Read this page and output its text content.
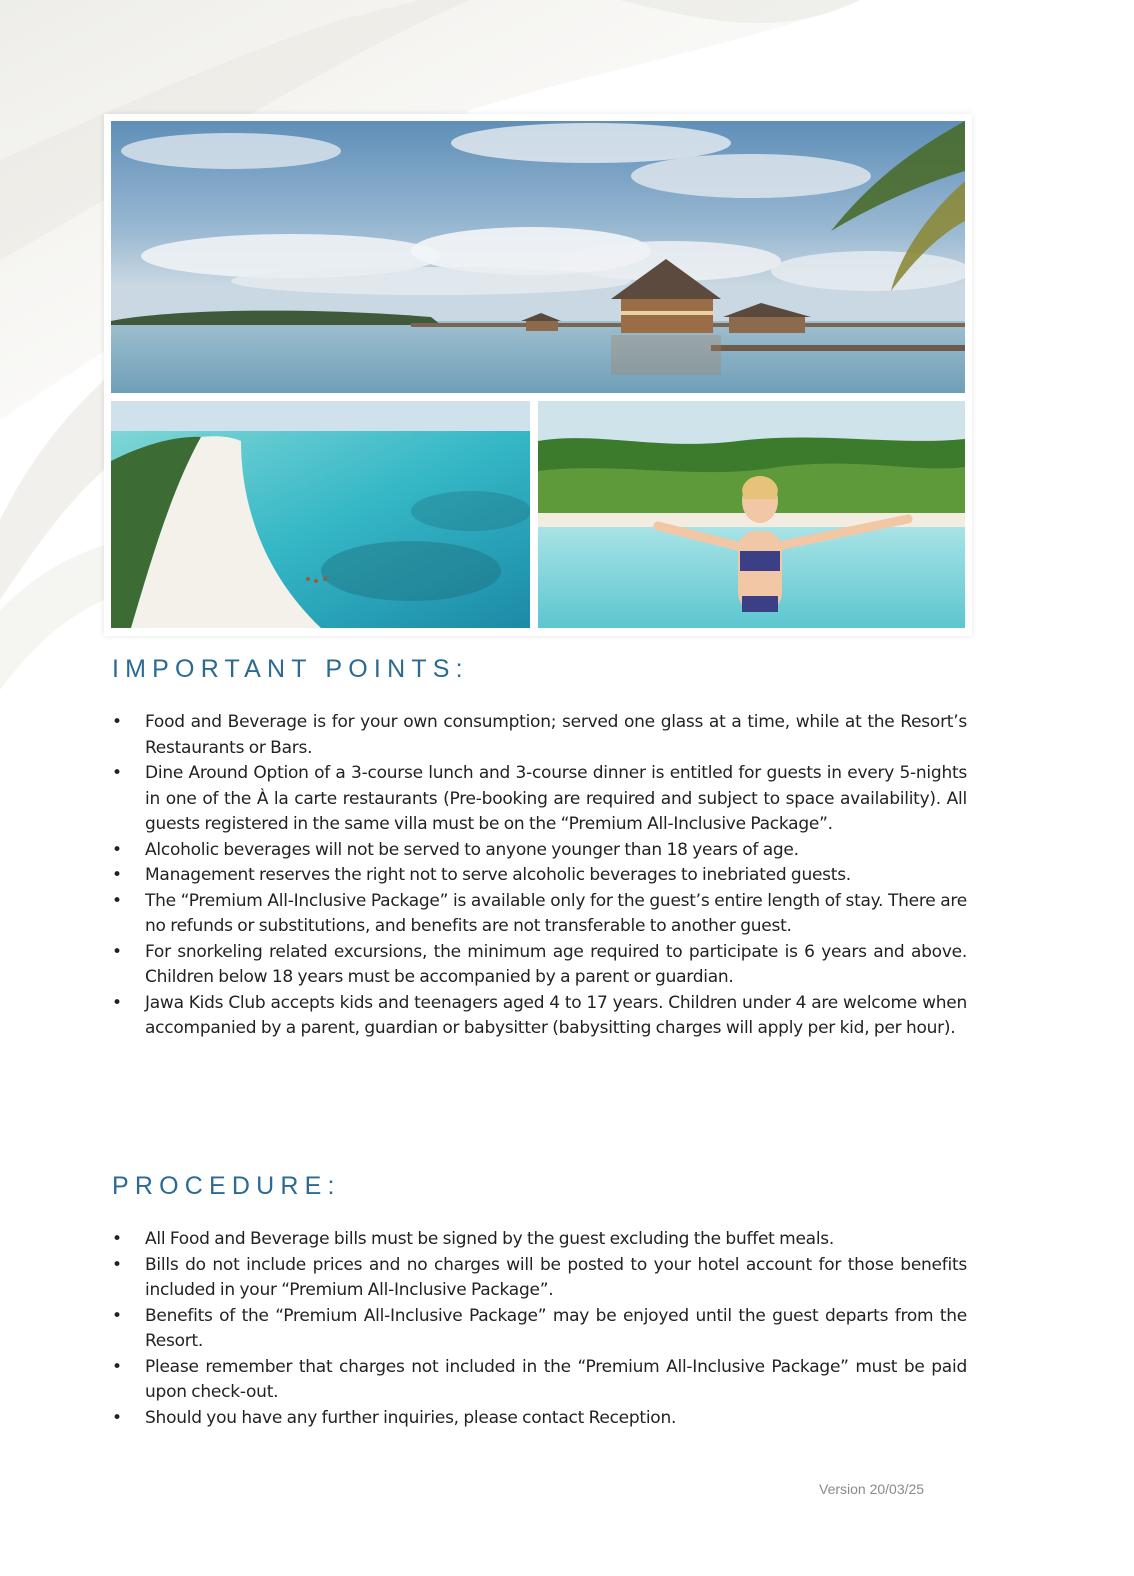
IMPORTANT POINTS:
• Food and Beverage is for your own consumption; served one glass at a time, while at the Resort’s Restaurants or Bars.
• Dine Around Option of a 3-course lunch and 3-course dinner is entitled for guests in every 5-nights in one of the À la carte restaurants (Pre-booking are required and subject to space availability). All guests registered in the same villa must be on the “Premium All-Inclusive Package”.
• Alcoholic beverages will not be served to anyone younger than 18 years of age.
• Management reserves the right not to serve alcoholic beverages to inebriated guests.
• The “Premium All-Inclusive Package” is available only for the guest’s entire length of stay. There are no refunds or substitutions, and benefits are not transferable to another guest.
• For snorkeling related excursions, the minimum age required to participate is 6 years and above. Children below 18 years must be accompanied by a parent or guardian.
• Jawa Kids Club accepts kids and teenagers aged 4 to 17 years. Children under 4 are welcome when accompanied by a parent, guardian or babysitter (babysitting charges will apply per kid, per hour).
PROCEDURE:
• All Food and Beverage bills must be signed by the guest excluding the buffet meals.
• Bills do not include prices and no charges will be posted to your hotel account for those benefits included in your “Premium All-Inclusive Package”.
• Benefits of the “Premium All-Inclusive Package” may be enjoyed until the guest departs from the Resort.
• Please remember that charges not included in the “Premium All-Inclusive Package” must be paid upon check-out.
• Should you have any further inquiries, please contact Reception.
Version 20/03/25
